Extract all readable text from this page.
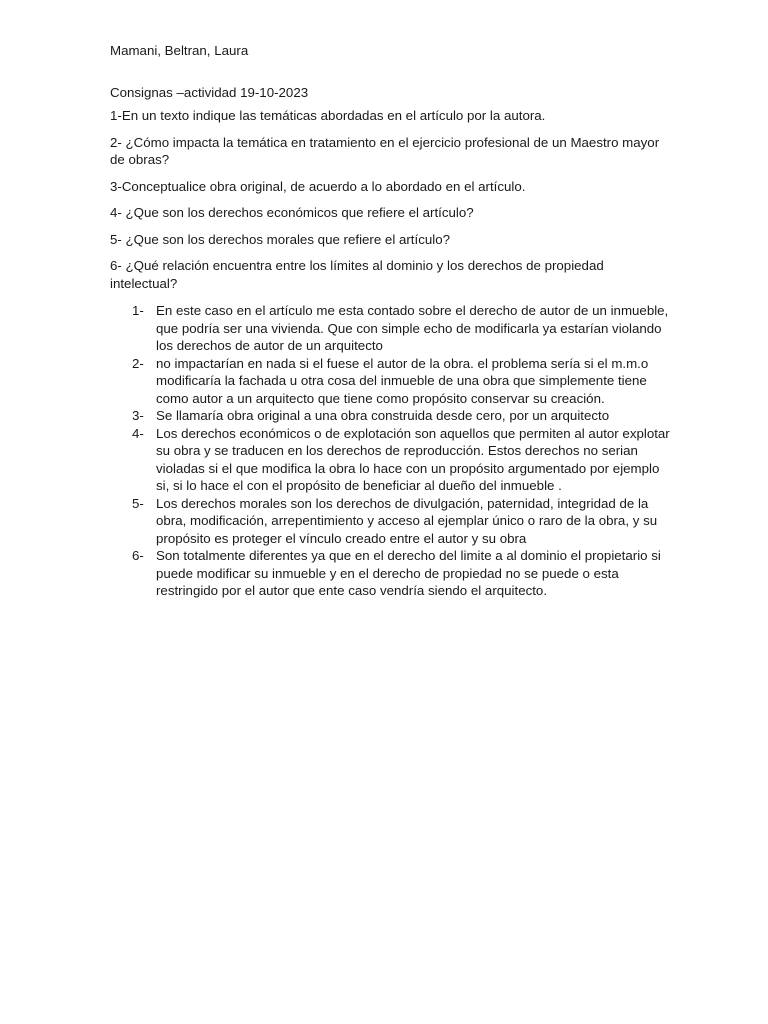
Mamani, Beltran, Laura

Consignas –actividad 19-10-2023

1-En un texto indique las temáticas abordadas en el artículo por la autora.

2- ¿Cómo impacta la temática en tratamiento en el ejercicio profesional de un Maestro mayor de obras?

3-Conceptualice obra original, de acuerdo a lo abordado en el artículo.

4- ¿Que son los derechos económicos que refiere el artículo?

5- ¿Que son los derechos morales que refiere el artículo?

6- ¿Qué relación encuentra entre los límites al dominio y los derechos de propiedad intelectual?

1- En este caso en el artículo me esta contado sobre el derecho de autor de un inmueble, que podría ser una vivienda. Que con simple echo de modificarla ya estarían violando los derechos de autor de un arquitecto
2- no impactarían en nada si el fuese el autor de la obra. el problema sería si el m.m.o modificaría la fachada u otra cosa del inmueble de una obra que simplemente tiene como autor a un arquitecto que tiene como propósito conservar su creación.
3- Se llamaría obra original a una obra construida desde cero, por un arquitecto
4- Los derechos económicos o de explotación son aquellos que permiten al autor explotar su obra y se traducen en los derechos de reproducción. Estos derechos no serian violadas si el que modifica la obra lo hace con un propósito argumentado por ejemplo si, si lo hace el con el propósito de beneficiar al dueño del inmueble .
5- Los derechos morales son los derechos de divulgación, paternidad, integridad de la obra, modificación, arrepentimiento y acceso al ejemplar único o raro de la obra, y su propósito es proteger el vínculo creado entre el autor y su obra
6- Son totalmente diferentes ya que en el derecho del limite a al dominio el propietario si puede modificar su inmueble y en el derecho de propiedad no se puede o esta restringido por el autor que ente caso vendría siendo el arquitecto.
